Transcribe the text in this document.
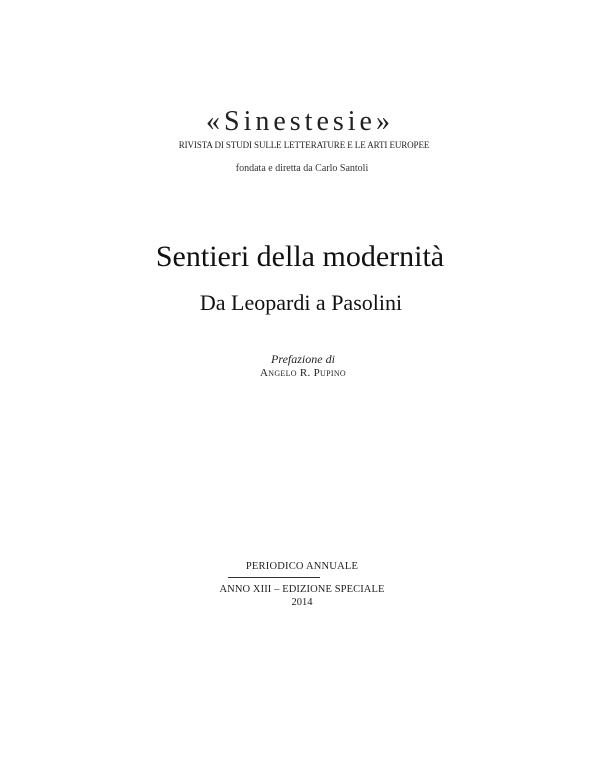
«Sinestesie»
RIVISTA DI STUDI SULLE LETTERATURE E LE ARTI EUROPEE
fondata e diretta da Carlo Santoli
Sentieri della modernità
Da Leopardi a Pasolini
Prefazione di
Angelo R. Pupino
PERIODICO ANNUALE
ANNO XIII – EDIZIONE SPECIALE
2014
